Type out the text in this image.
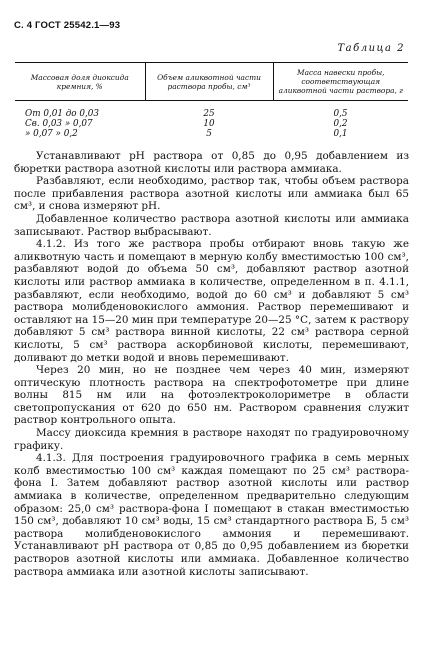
С. 4 ГОСТ 25542.1—93
Таблица 2
Массовая доля диоксида кремния, %	Объем аликвотной части раствора пробы, см³	Масса навески пробы, соответствующая аликвотной части раствора, г
От 0,01 до 0,03	25	0,5
Св. 0,03 » 0,07	10	0,2
» 0,07 » 0,2	5	0,1

Устанавливают рН раствора от 0,85 до 0,95 добавлением из бюретки раствора азотной кислоты или раствора аммиака.

Разбавляют, если необходимо, раствор так, чтобы объем раствора после прибавления раствора азотной кислоты или аммиака был 65 см³, и снова измеряют рН.

Добавленное количество раствора азотной кислоты или аммиака записывают. Раствор выбрасывают.

4.1.2. Из того же раствора пробы отбирают вновь такую же аликвотную часть и помещают в мерную колбу вместимостью 100 см³, разбавляют водой до объема 50 см³, добавляют раствор азотной кислоты или раствор аммиака в количестве, определенном в п. 4.1.1, разбавляют, если необходимо, водой до 60 см³ и добавляют 5 см³ раствора молибденовокислого аммония. Раствор перемешивают и оставляют на 15—20 мин при температуре 20—25 °С, затем к раствору добавляют 5 см³ раствора винной кислоты, 22 см³ раствора серной кислоты, 5 см³ раствора аскорбиновой кислоты, перемешивают, доливают до метки водой и вновь перемешивают.

Через 20 мин, но не позднее чем через 40 мин, измеряют оптическую плотность раствора на спектрофотометре при длине волны 815 нм или на фотоэлектроколориметре в области светопропускания от 620 до 650 нм. Раствором сравнения служит раствор контрольного опыта.

Массу диоксида кремния в растворе находят по градуировочному графику.

4.1.3. Для построения градуировочного графика в семь мерных колб вместимостью 100 см³ каждая помещают по 25 см³ раствора-фона I. Затем добавляют раствор азотной кислоты или раствор аммиака в количестве, определенном предварительно следующим образом: 25,0 см³ раствора-фона I помещают в стакан вместимостью 150 см³, добавляют 10 см³ воды, 15 см³ стандартного раствора Б, 5 см³ раствора молибденовокислого аммония и перемешивают. Устанавливают рН раствора от 0,85 до 0,95 добавлением из бюретки растворов азотной кислоты или аммиака. Добавленное количество раствора аммиака или азотной кислоты записывают.
